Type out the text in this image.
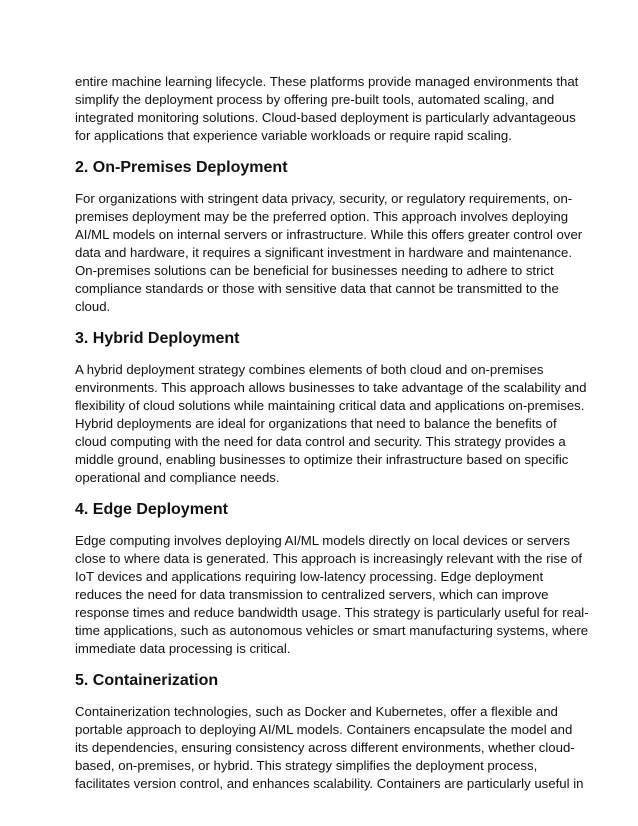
entire machine learning lifecycle. These platforms provide managed environments that
simplify the deployment process by offering pre-built tools, automated scaling, and
integrated monitoring solutions. Cloud-based deployment is particularly advantageous
for applications that experience variable workloads or require rapid scaling.

2. On-Premises Deployment

For organizations with stringent data privacy, security, or regulatory requirements, on-
premises deployment may be the preferred option. This approach involves deploying
AI/ML models on internal servers or infrastructure. While this offers greater control over
data and hardware, it requires a significant investment in hardware and maintenance.
On-premises solutions can be beneficial for businesses needing to adhere to strict
compliance standards or those with sensitive data that cannot be transmitted to the
cloud.

3. Hybrid Deployment

A hybrid deployment strategy combines elements of both cloud and on-premises
environments. This approach allows businesses to take advantage of the scalability and
flexibility of cloud solutions while maintaining critical data and applications on-premises.
Hybrid deployments are ideal for organizations that need to balance the benefits of
cloud computing with the need for data control and security. This strategy provides a
middle ground, enabling businesses to optimize their infrastructure based on specific
operational and compliance needs.

4. Edge Deployment

Edge computing involves deploying AI/ML models directly on local devices or servers
close to where data is generated. This approach is increasingly relevant with the rise of
IoT devices and applications requiring low-latency processing. Edge deployment
reduces the need for data transmission to centralized servers, which can improve
response times and reduce bandwidth usage. This strategy is particularly useful for real-
time applications, such as autonomous vehicles or smart manufacturing systems, where
immediate data processing is critical.

5. Containerization

Containerization technologies, such as Docker and Kubernetes, offer a flexible and
portable approach to deploying AI/ML models. Containers encapsulate the model and
its dependencies, ensuring consistency across different environments, whether cloud-
based, on-premises, or hybrid. This strategy simplifies the deployment process,
facilitates version control, and enhances scalability. Containers are particularly useful in
